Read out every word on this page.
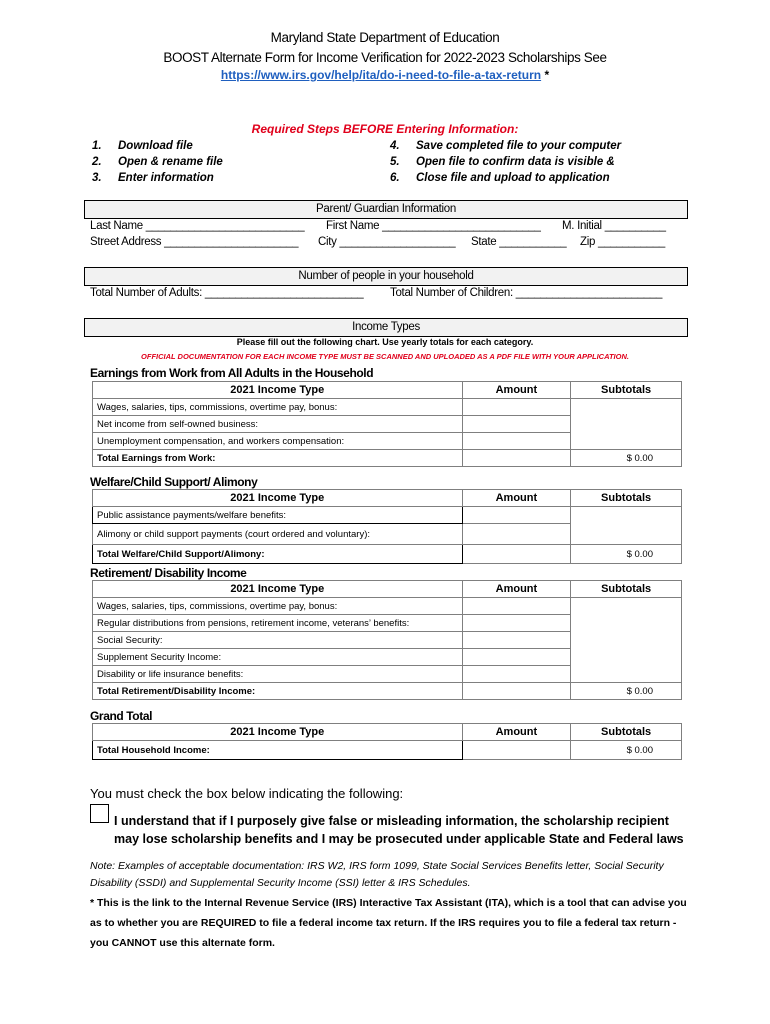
Maryland State Department of Education
BOOST Alternate Form for Income Verification for 2022-2023 Scholarships See
https://www.irs.gov/help/ita/do-i-need-to-file-a-tax-return *
Required Steps BEFORE Entering Information:
1.	Download file
2.	Open & rename file
3.	Enter information
4.	Save completed file to your computer
5.	Open file to confirm data is visible &
6.	Close file and upload to application
Parent/ Guardian Information
Last Name __________________________ First Name __________________________ M. Initial __________
Street Address ______________________ City ___________________ State ___________ Zip ___________
Number of people in your household
Total Number of Adults: __________________________ Total Number of Children: ________________________
Income Types
Please fill out the following chart. Use yearly totals for each category.
OFFICIAL DOCUMENTATION FOR EACH INCOME TYPE MUST BE SCANNED AND UPLOADED AS A PDF FILE WITH YOUR APPLICATION.
Earnings from Work from All Adults in the Household
2021 Income Type	Amount	Subtotals
Wages, salaries, tips, commissions, overtime pay, bonus:		
Net income from self-owned business:		
Unemployment compensation, and workers compensation:		
Total Earnings from Work:		$ 0.00
Welfare/Child Support/ Alimony
2021 Income Type	Amount	Subtotals
Public assistance payments/welfare benefits:		
Alimony or child support payments (court ordered and voluntary):		
Total Welfare/Child Support/Alimony:		$ 0.00
Retirement/ Disability Income
2021 Income Type	Amount	Subtotals
Wages, salaries, tips, commissions, overtime pay, bonus:		
Regular distributions from pensions, retirement income, veterans’ benefits:		
Social Security:		
Supplement Security Income:		
Disability or life insurance benefits:		
Total Retirement/Disability Income:		$ 0.00
Grand Total
2021 Income Type	Amount	Subtotals
Total Household Income:		$ 0.00
You must check the box below indicating the following:
I understand that if I purposely give false or misleading information, the scholarship recipient may lose scholarship benefits and I may be prosecuted under applicable State and Federal laws
Note: Examples of acceptable documentation: IRS W2, IRS form 1099, State Social Services Benefits letter, Social Security Disability (SSDI) and Supplemental Security Income (SSI) letter & IRS Schedules.
* This is the link to the Internal Revenue Service (IRS) Interactive Tax Assistant (ITA), which is a tool that can advise you as to whether you are REQUIRED to file a federal income tax return. If the IRS requires you to file a federal tax return - you CANNOT use this alternate form.
